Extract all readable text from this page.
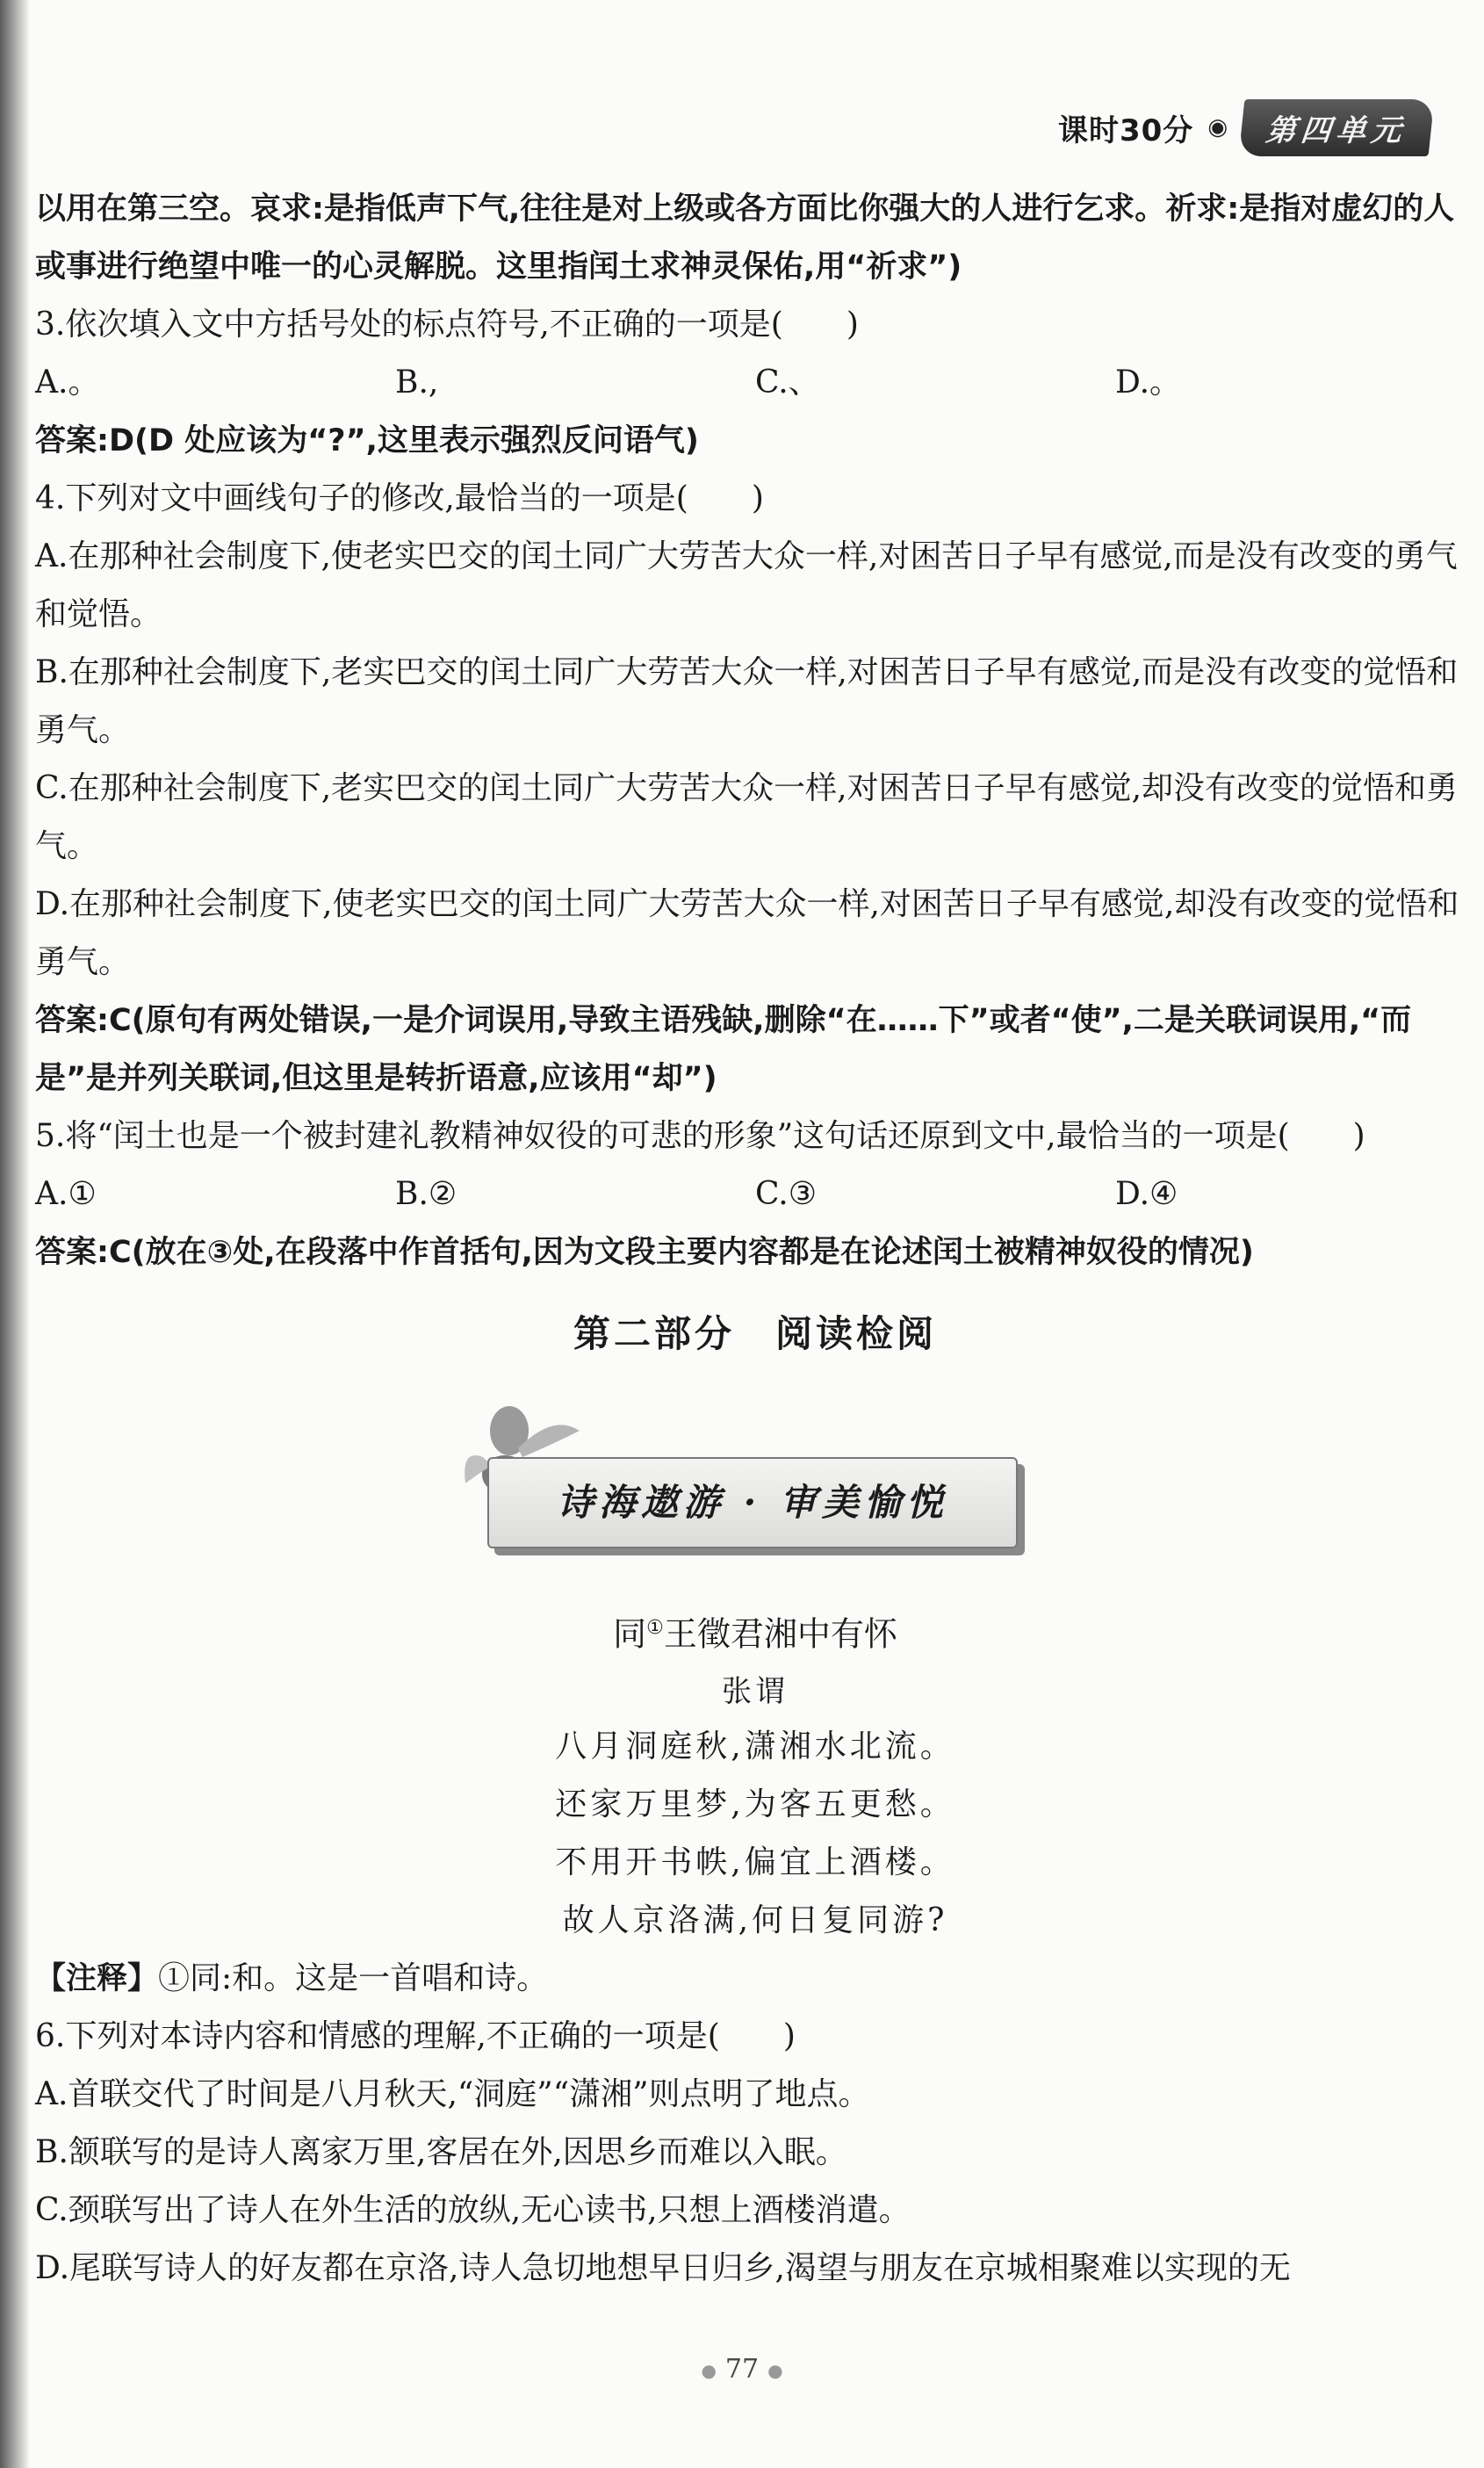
课时30分 ◉	第四单元

以用在第三空。哀求:是指低声下气,往往是对上级或各方面比你强大的人进行乞求。祈求:是指对虚幻的人或事进行绝望中唯一的心灵解脱。这里指闰土求神灵保佑,用“祈求”)

3.依次填入文中方括号处的标点符号,不正确的一项是(　　)

A.。	B.,	C.、	D.。

答案:D(D 处应该为“?”,这里表示强烈反问语气)

4.下列对文中画线句子的修改,最恰当的一项是(　　)

A.在那种社会制度下,使老实巴交的闰土同广大劳苦大众一样,对困苦日子早有感觉,而是没有改变的勇气和觉悟。

B.在那种社会制度下,老实巴交的闰土同广大劳苦大众一样,对困苦日子早有感觉,而是没有改变的觉悟和勇气。

C.在那种社会制度下,老实巴交的闰土同广大劳苦大众一样,对困苦日子早有感觉,却没有改变的觉悟和勇气。

D.在那种社会制度下,使老实巴交的闰土同广大劳苦大众一样,对困苦日子早有感觉,却没有改变的觉悟和勇气。

答案:C(原句有两处错误,一是介词误用,导致主语残缺,删除“在……下”或者“使”,二是关联词误用,“而是”是并列关联词,但这里是转折语意,应该用“却”)

5.将“闰土也是一个被封建礼教精神奴役的可悲的形象”这句话还原到文中,最恰当的一项是(　　)

A.①	B.②	C.③	D.④

答案:C(放在③处,在段落中作首括句,因为文段主要内容都是在论述闰土被精神奴役的情况)

第二部分　阅读检阅
诗海遨游 · 审美愉悦
同①王徵君湘中有怀
张谓
八月洞庭秋,潇湘水北流。
还家万里梦,为客五更愁。
不用开书帙,偏宜上酒楼。
故人京洛满,何日复同游?

【注释】①同:和。这是一首唱和诗。

6.下列对本诗内容和情感的理解,不正确的一项是(　　)

A.首联交代了时间是八月秋天,“洞庭”“潇湘”则点明了地点。

B.颔联写的是诗人离家万里,客居在外,因思乡而难以入眠。

C.颈联写出了诗人在外生活的放纵,无心读书,只想上酒楼消遣。

D.尾联写诗人的好友都在京洛,诗人急切地想早日归乡,渴望与朋友在京城相聚难以实现的无

● 77 ●
